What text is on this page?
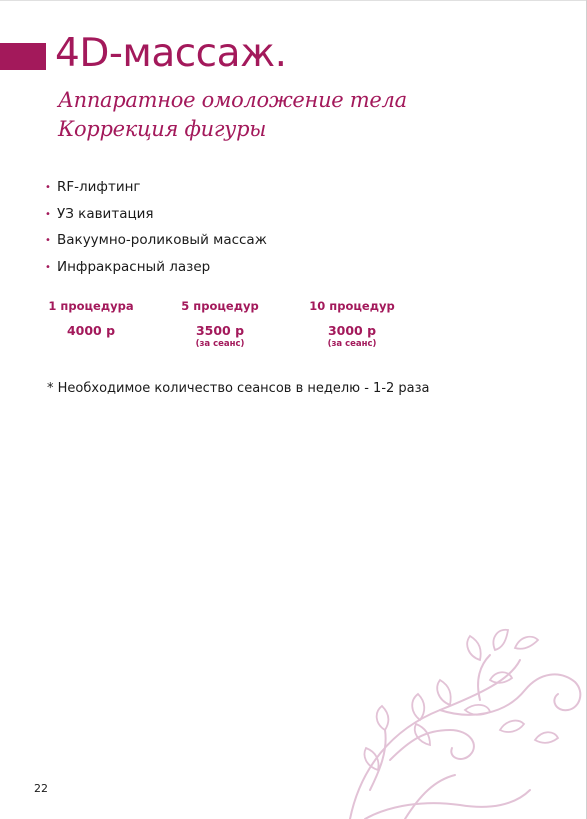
4D-массаж.
Аппаратное омоложение тела
Коррекция фигуры
• RF-лифтинг
• УЗ кавитация
• Вакуумно-роликовый массаж
• Инфракрасный лазер
1 процедура
4000 р
5 процедур
3500 р
(за сеанс)
10 процедур
3000 р
(за сеанс)
* Необходимое количество сеансов в неделю - 1-2 раза
22
